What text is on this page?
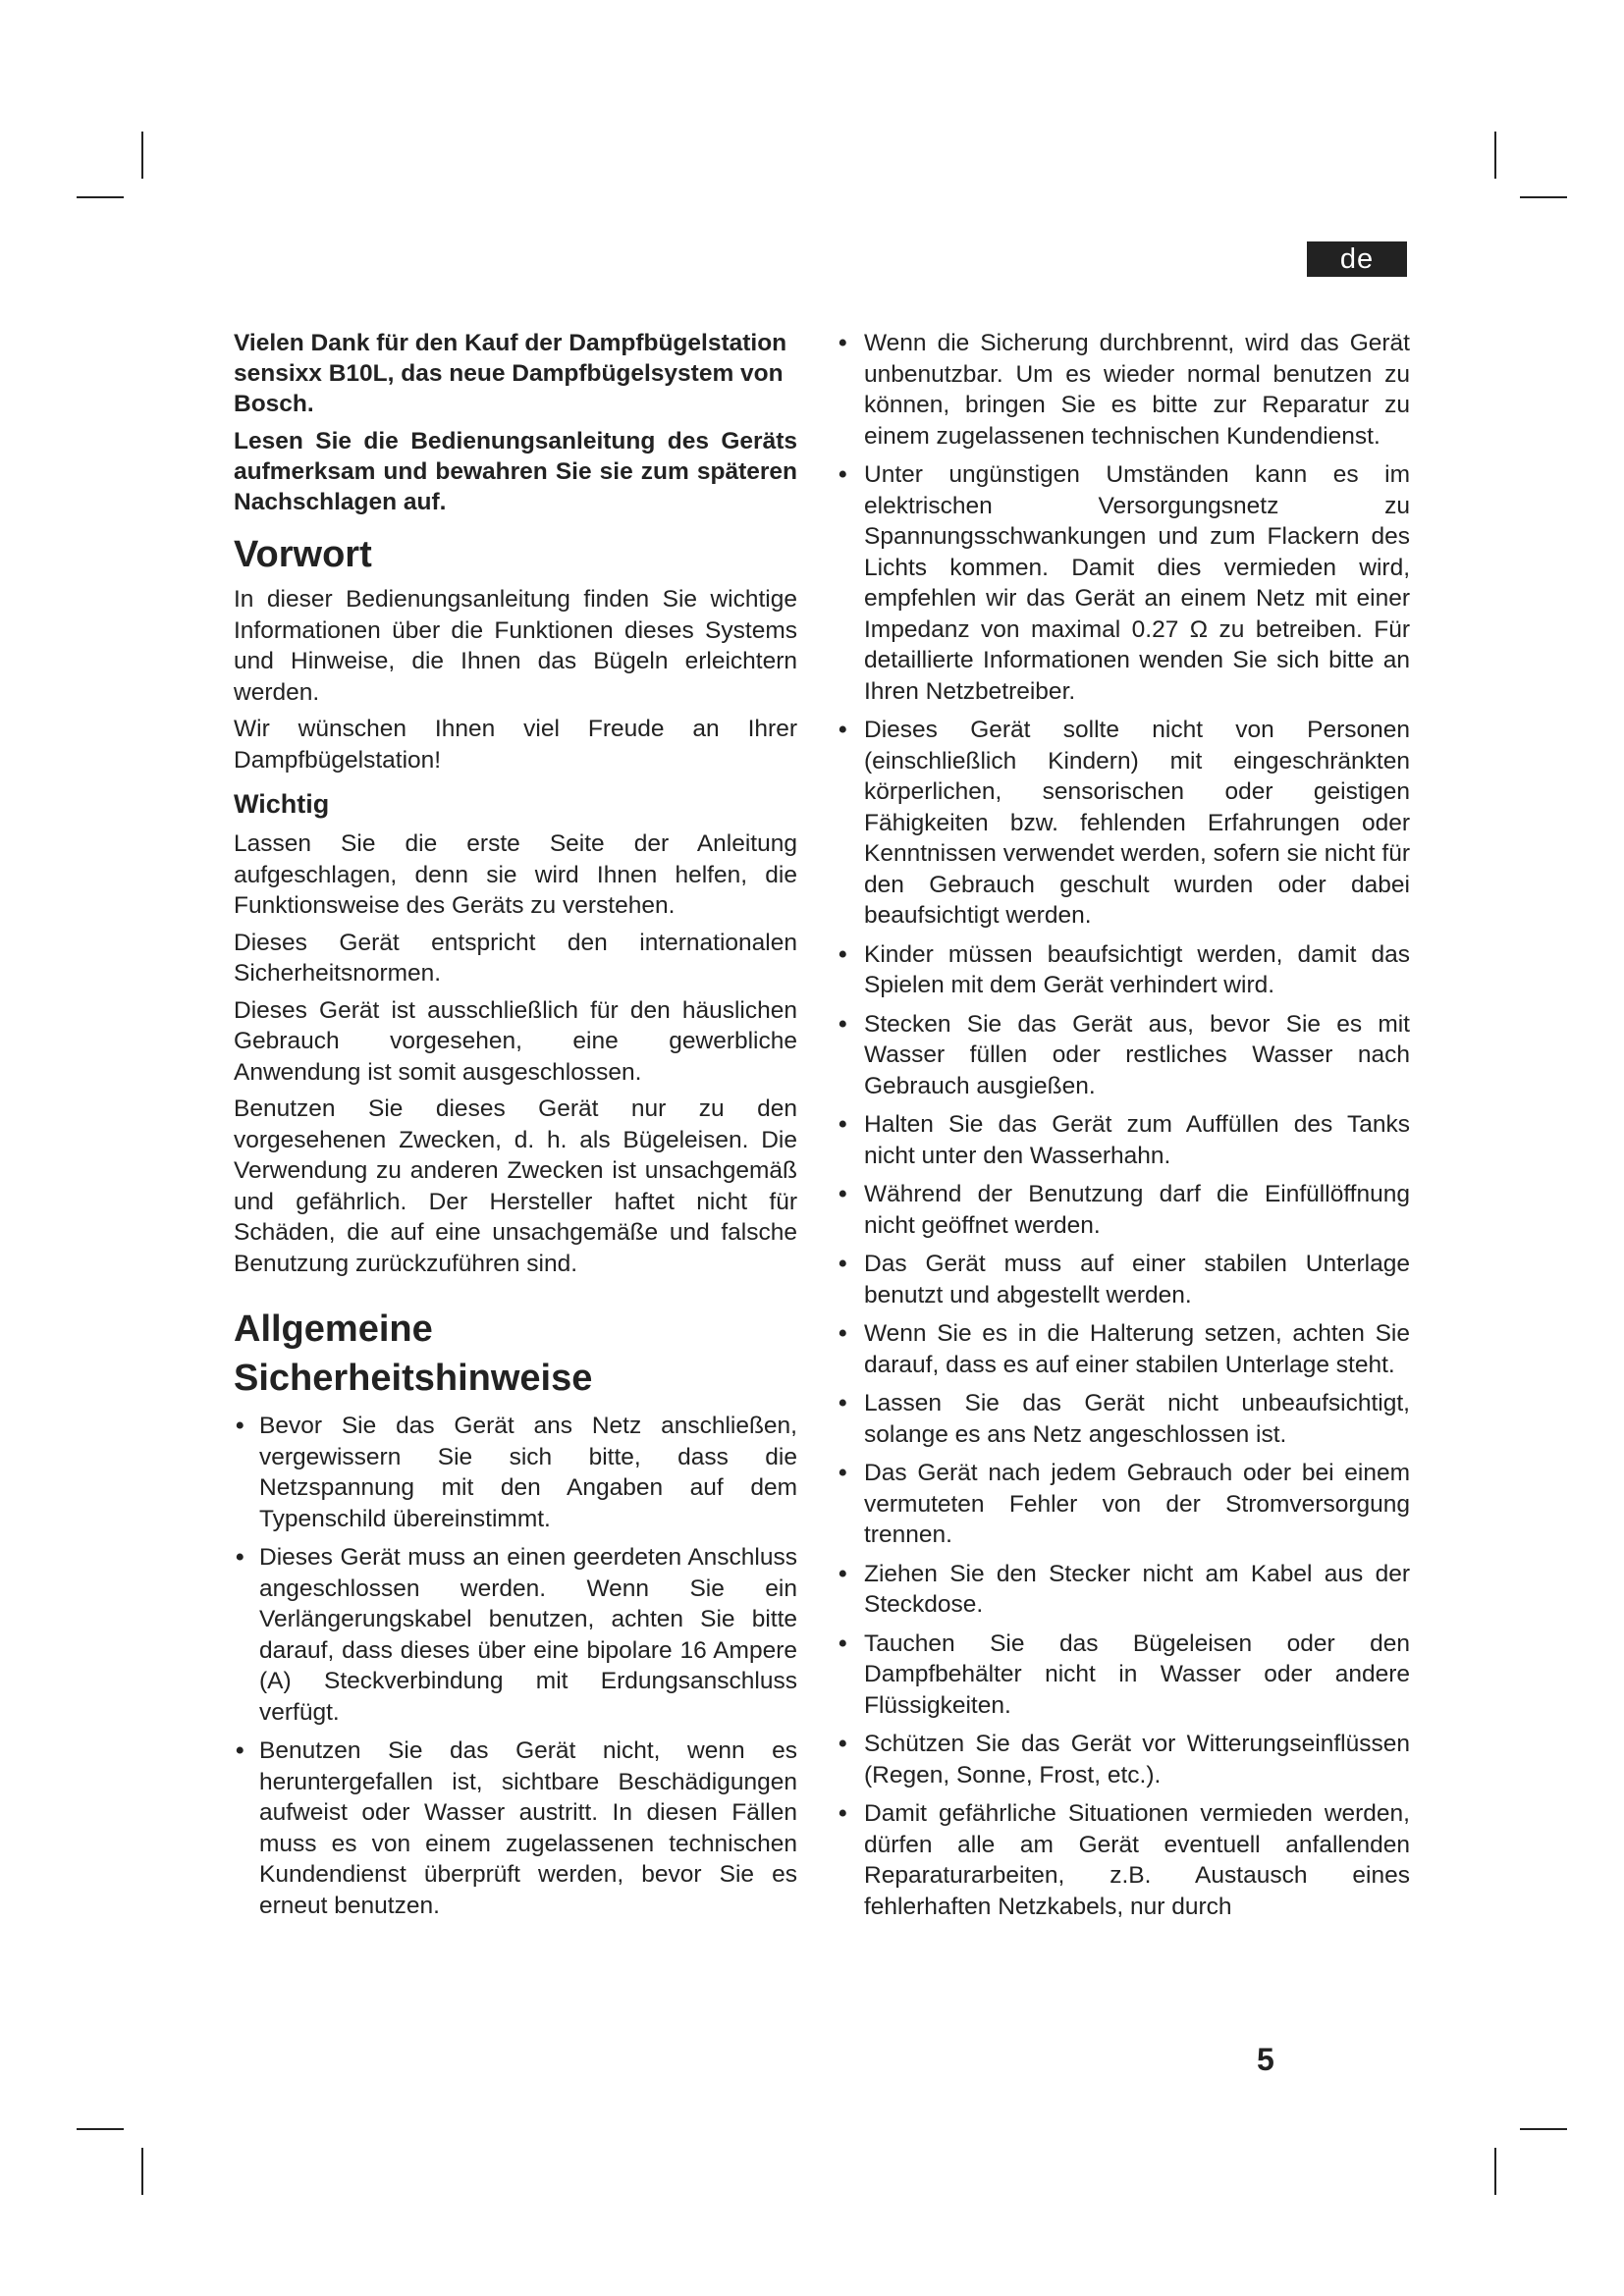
de

Vielen Dank für den Kauf der Dampfbügelstation sensixx B10L, das neue Dampfbügelsystem von Bosch.

Lesen Sie die Bedienungsanleitung des Geräts aufmerksam und bewahren Sie sie zum späteren Nachschlagen auf.

Vorwort

In dieser Bedienungsanleitung finden Sie wichtige Informationen über die Funktionen dieses Systems und Hinweise, die Ihnen das Bügeln erleichtern werden.

Wir wünschen Ihnen viel Freude an Ihrer Dampfbügelstation!

Wichtig

Lassen Sie die erste Seite der Anleitung aufgeschlagen, denn sie wird Ihnen helfen, die Funktionsweise des Geräts zu verstehen.

Dieses Gerät entspricht den internationalen Sicherheitsnormen.

Dieses Gerät ist ausschließlich für den häuslichen Gebrauch vorgesehen, eine gewerbliche Anwendung ist somit ausgeschlossen.

Benutzen Sie dieses Gerät nur zu den vorgesehenen Zwecken, d. h. als Bügeleisen. Die Verwendung zu anderen Zwecken ist unsachgemäß und gefährlich. Der Hersteller haftet nicht für Schäden, die auf eine unsachgemäße und falsche Benutzung zurückzuführen sind.

Allgemeine
Sicherheitshinweise
• Bevor Sie das Gerät ans Netz anschließen, vergewissern Sie sich bitte, dass die Netzspannung mit den Angaben auf dem Typenschild übereinstimmt.
• Dieses Gerät muss an einen geerdeten Anschluss angeschlossen werden. Wenn Sie ein Verlängerungskabel benutzen, achten Sie bitte darauf, dass dieses über eine bipolare 16 Ampere (A) Steckverbindung mit Erdungsanschluss verfügt.
• Benutzen Sie das Gerät nicht, wenn es heruntergefallen ist, sichtbare Beschädigungen aufweist oder Wasser austritt. In diesen Fällen muss es von einem zugelassenen technischen Kundendienst überprüft werden, bevor Sie es erneut benutzen.
• Wenn die Sicherung durchbrennt, wird das Gerät unbenutzbar. Um es wieder normal benutzen zu können, bringen Sie es bitte zur Reparatur zu einem zugelassenen technischen Kundendienst.
• Unter ungünstigen Umständen kann es im elektrischen Versorgungsnetz zu Spannungsschwankungen und zum Flackern des Lichts kommen. Damit dies vermieden wird, empfehlen wir das Gerät an einem Netz mit einer Impedanz von maximal 0.27 Ω zu betreiben. Für detaillierte Informationen wenden Sie sich bitte an Ihren Netzbetreiber.
• Dieses Gerät sollte nicht von Personen (einschließlich Kindern) mit eingeschränkten körperlichen, sensorischen oder geistigen Fähigkeiten bzw. fehlenden Erfahrungen oder Kenntnissen verwendet werden, sofern sie nicht für den Gebrauch geschult wurden oder dabei beaufsichtigt werden.
• Kinder müssen beaufsichtigt werden, damit das Spielen mit dem Gerät verhindert wird.
• Stecken Sie das Gerät aus, bevor Sie es mit Wasser füllen oder restliches Wasser nach Gebrauch ausgießen.
• Halten Sie das Gerät zum Auffüllen des Tanks nicht unter den Wasserhahn.
• Während der Benutzung darf die Einfüllöffnung nicht geöffnet werden.
• Das Gerät muss auf einer stabilen Unterlage benutzt und abgestellt werden.
• Wenn Sie es in die Halterung setzen, achten Sie darauf, dass es auf einer stabilen Unterlage steht.
• Lassen Sie das Gerät nicht unbeaufsichtigt, solange es ans Netz angeschlossen ist.
• Das Gerät nach jedem Gebrauch oder bei einem vermuteten Fehler von der Stromversorgung trennen.
• Ziehen Sie den Stecker nicht am Kabel aus der Steckdose.
• Tauchen Sie das Bügeleisen oder den Dampfbehälter nicht in Wasser oder andere Flüssigkeiten.
• Schützen Sie das Gerät vor Witterungseinflüssen (Regen, Sonne, Frost, etc.).
• Damit gefährliche Situationen vermieden werden, dürfen alle am Gerät eventuell anfallenden Reparaturarbeiten, z.B. Austausch eines fehlerhaften Netzkabels, nur durch
5
